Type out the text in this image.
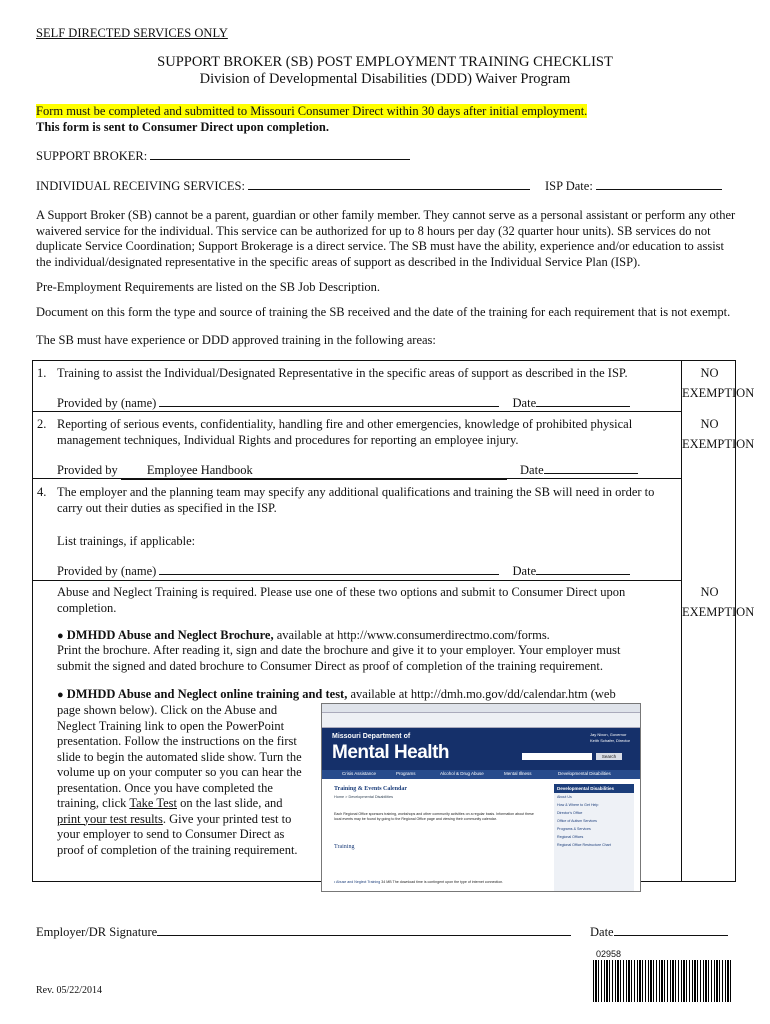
SELF DIRECTED SERVICES ONLY
SUPPORT BROKER (SB) POST EMPLOYMENT TRAINING CHECKLIST
Division of Developmental Disabilities (DDD) Waiver Program
Form must be completed and submitted to Missouri Consumer Direct within 30 days after initial employment.
This form is sent to Consumer Direct upon completion.
SUPPORT BROKER:
INDIVIDUAL RECEIVING SERVICES:	ISP Date:
A Support Broker (SB) cannot be a parent, guardian or other family member. They cannot serve as a personal assistant or perform any other waivered service for the individual. This service can be authorized for up to 8 hours per day (32 quarter hour units). SB services do not duplicate Service Coordination; Support Brokerage is a direct service. The SB must have the ability, experience and/or education to assist the individual/designated representative in the specific areas of support as described in the Individual Service Plan (ISP).
Pre-Employment Requirements are listed on the SB Job Description.
Document on this form the type and source of training the SB received and the date of the training for each requirement that is not exempt.
The SB must have experience or DDD approved training in the following areas:
1. Training to assist the Individual/Designated Representative in the specific areas of support as described in the ISP.
Provided by (name)	Date
NO
EXEMPTION
2. Reporting of serious events, confidentiality, handling fire and other emergencies, knowledge of prohibited physical management techniques, Individual Rights and procedures for reporting an employee injury.
Provided by Employee Handbook	Date
NO
EXEMPTION
4. The employer and the planning team may specify any additional qualifications and training the SB will need in order to carry out their duties as specified in the ISP.
List trainings, if applicable:
Provided by (name)	Date
Abuse and Neglect Training is required. Please use one of these two options and submit to Consumer Direct upon completion.
NO
EXEMPTION
● DMHDD Abuse and Neglect Brochure, available at http://www.consumerdirectmo.com/forms.
Print the brochure. After reading it, sign and date the brochure and give it to your employer. Your employer must submit the signed and dated brochure to Consumer Direct as proof of completion of the training requirement.
● DMHDD Abuse and Neglect online training and test, available at http://dmh.mo.gov/dd/calendar.htm (web
page shown below). Click on the Abuse and
Neglect Training link to open the PowerPoint
presentation. Follow the instructions on the first
slide to begin the automated slide show. Turn the
volume up on your computer so you can hear the
presentation. Once you have completed the
training, click Take Test on the last slide, and
print your test results. Give your printed test to
your employer to send to Consumer Direct as
proof of completion of the training requirement.
Missouri Department of
Mental Health
Jay Nixon, Governor
Keith Schafer, Director
Search
Crisis Assistance	Programs	Alcohol & Drug Abuse	Mental Illness	Developmental Disabilities
Training & Events Calendar
Home > Developmental Disabilities
Each Regional Office sponsors training, workshops and other community activities on a regular basis. Information about these local events may be found by going to the Regional Office page and viewing their community calendar.
Training
• Abuse and Neglect Training 34 MB The download time is contingent upon the type of internet connection.
Developmental Disabilities
About Us
How & Where to Get Help
Director's Office
Office of Autism Services
Programs & Services
Regional Offices
Regional Office Restructure Chart
Employer/DR Signature	Date
02958
Rev. 05/22/2014
